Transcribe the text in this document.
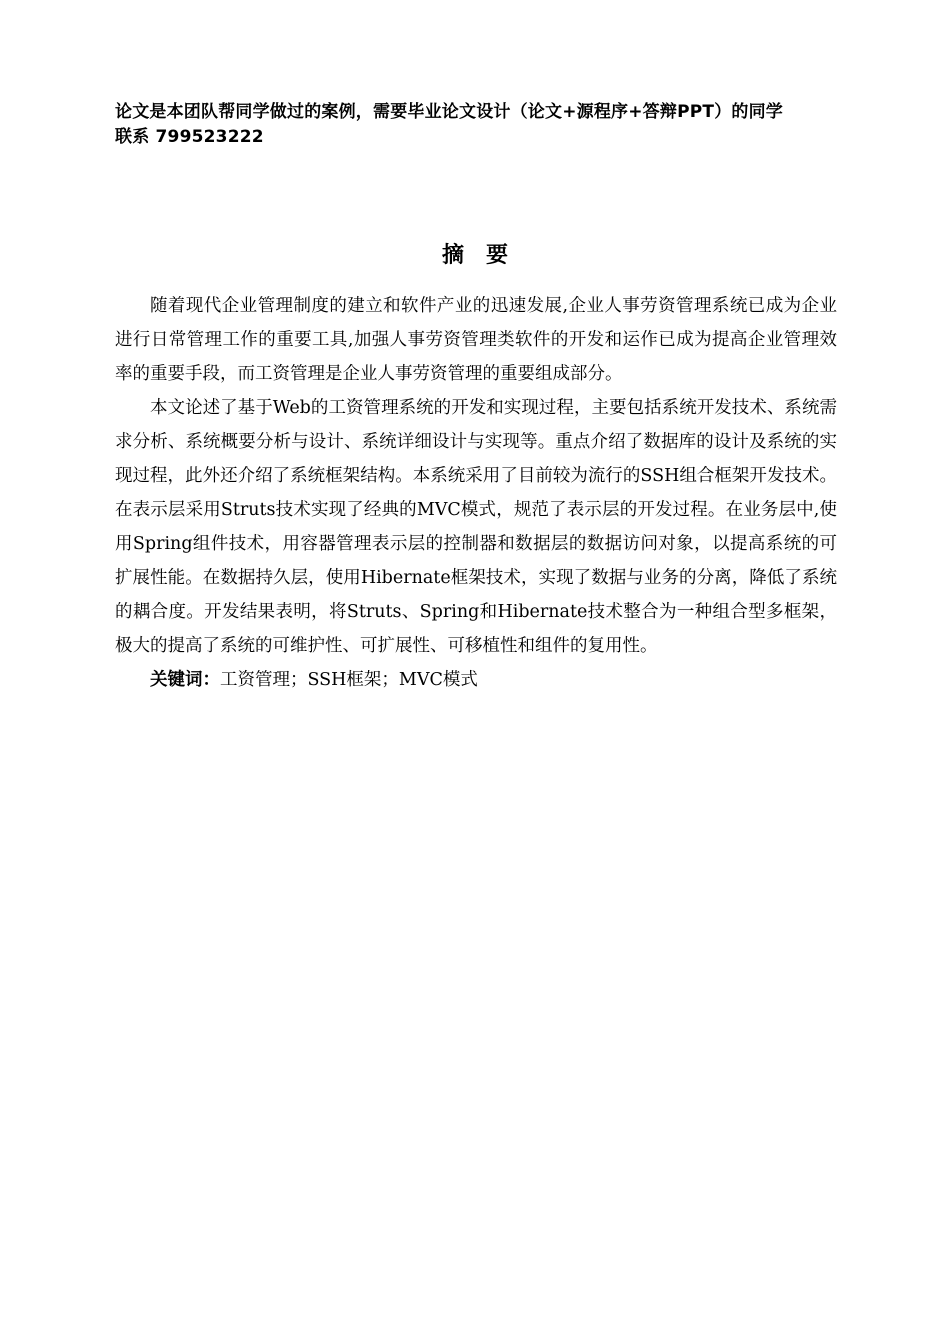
论文是本团队帮同学做过的案例，需要毕业论文设计（论文+源程序+答辩PPT）的同学
联系 799523222
摘要

随着现代企业管理制度的建立和软件产业的迅速发展,企业人事劳资管理系统已成为企业进行日常管理工作的重要工具,加强人事劳资管理类软件的开发和运作已成为提高企业管理效率的重要手段，而工资管理是企业人事劳资管理的重要组成部分。

本文论述了基于Web的工资管理系统的开发和实现过程，主要包括系统开发技术、系统需求分析、系统概要分析与设计、系统详细设计与实现等。重点介绍了数据库的设计及系统的实现过程，此外还介绍了系统框架结构。本系统采用了目前较为流行的SSH组合框架开发技术。在表示层采用Struts技术实现了经典的MVC模式，规范了表示层的开发过程。在业务层中,使用Spring组件技术，用容器管理表示层的控制器和数据层的数据访问对象，以提高系统的可扩展性能。在数据持久层，使用Hibernate框架技术，实现了数据与业务的分离，降低了系统的耦合度。开发结果表明，将Struts、Spring和Hibernate技术整合为一种组合型多框架，极大的提高了系统的可维护性、可扩展性、可移植性和组件的复用性。

关键词：工资管理；SSH框架；MVC模式
